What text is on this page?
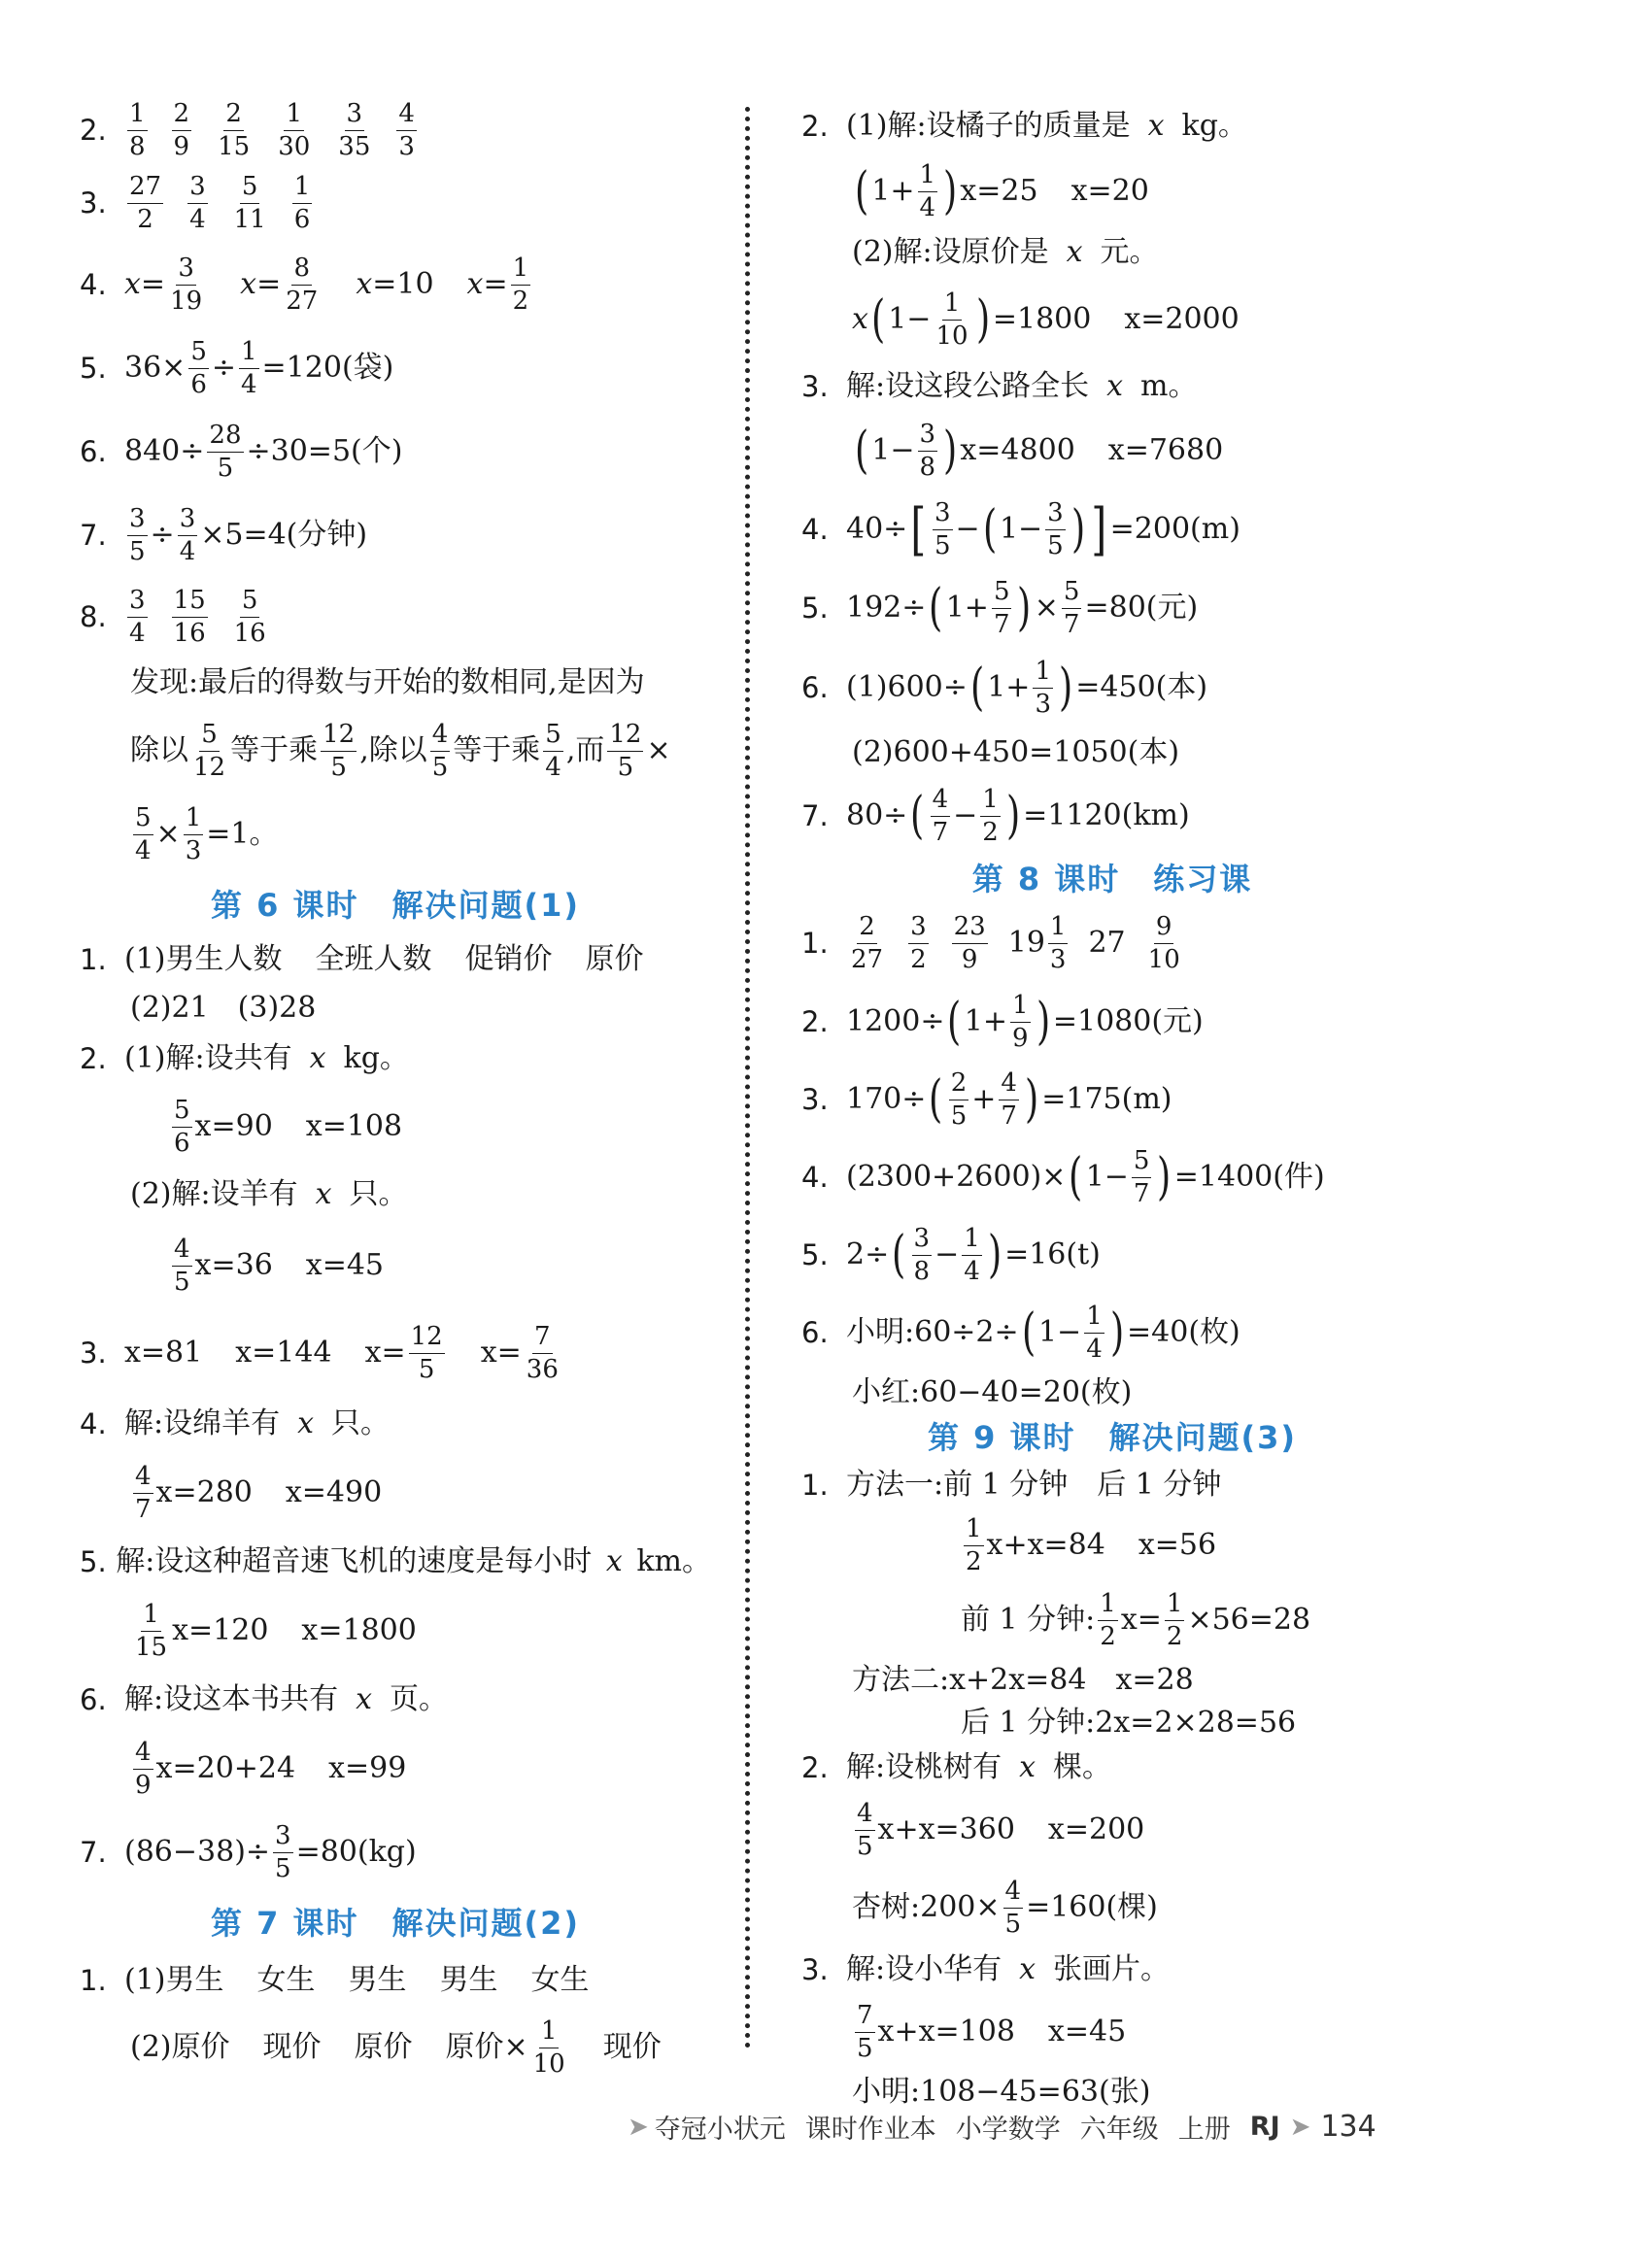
2. $\frac{1}{8} \frac{2}{9} \frac{2}{15} \frac{1}{30} \frac{3}{35} \frac{4}{3}$
3. $\frac{27}{2} \frac{3}{4} \frac{5}{11} \frac{1}{6}$
4. $x = \frac{3}{19}$ $x = \frac{8}{27}$ x =10 $x = \frac{1}{2}$
5. $36\times \frac{5}{6} \div \frac{1}{4} =120$(袋)
6. $840\div \frac{28}{5} \div 30=5$(个)
7. $\frac{3}{5} \div \frac{3}{4} \times 5=4$(分钟)
8. $\frac{3}{4} \frac{15}{16} \frac{5}{16}$
发现:最后的得数与开始的数相同,是因为
除以 $\frac{5}{12}$ 等于乘 $\frac{12}{5}$ ,除以 $\frac{4}{5}$ 等于乘 $\frac{5}{4}$ ,而 $\frac{12}{5}$ ×
$\frac{5}{4} \times \frac{1}{3} =1$。
第 6 课时 解决问题(1)
1. (1)男生人数 全班人数 促销价 原价
(2)21　(3)28
2. (1)解:设共有 x kg。
$\frac{5}{6} x=90$ x=108
(2)解:设羊有 x 只。
$\frac{4}{5} x=36$ x=45
3. x=81 x=144 $x= \frac{12}{5} x= \frac{7}{36}$
4. 解:设绵羊有 x 只。
$\frac{4}{7} x=280$ x=490
5. 解:设这种超音速飞机的速度是每小时 x km。
$\frac{1}{15} x=120$ x=1800
6. 解:设这本书共有 x 页。
$\frac{4}{9} x=20+24$ x=99
7. $(86-38)\div \frac{3}{5} =80(kg)$
第 7 课时 解决问题(2)
1. (1)男生 女生 男生 男生 女生
(2)原价 现价 原价 原价× $\frac{1}{10}$ 现价
2. (1)解:设橘子的质量是 x kg。
( $1+ \frac{1}{4}$ ) x=25 x=20
(2)解:设原价是 x 元。
x ( $1- \frac{1}{10}$ ) =1800 x=2000
3. 解:设这段公路全长 x m。
( $1- \frac{3}{8}$ ) x=4800 x=7680
4. 40÷ [ $\frac{3}{5}$ − ( $1- \frac{3}{5}$ ) ] =200(m)
5. 192÷ ( $1+ \frac{5}{7}$ ) × $\frac{5}{7} =80$(元)
6. (1)600÷ ( $1+ \frac{1}{3}$ ) =450(本)
(2)600+450=1050(本)
7. 80÷ ( $\frac{4}{7} - \frac{1}{2}$ ) =1120(km)
第 8 课时 练习课
1. $\frac{2}{27} \frac{3}{2} \frac{23}{9} 19 \frac{1}{3} 27 \frac{9}{10}$
2. 1200÷ ( $1+ \frac{1}{9}$ ) =1080(元)
3. 170÷ ( $\frac{2}{5} + \frac{4}{7}$ ) =175(m)
4. (2300+2600)× ( $1- \frac{5}{7}$ ) =1400(件)
5. 2÷ ( $\frac{3}{8} - \frac{1}{4}$ ) =16(t)
6. 小明:60÷2÷ ( $1- \frac{1}{4}$ ) =40(枚)
小红:60−40=20(枚)
第 9 课时 解决问题(3)
1. 方法一:前 1 分钟　后 1 分钟
$\frac{1}{2} x+x=84$ x=56
前 1 分钟: $\frac{1}{2} x= \frac{1}{2} \times 56=28$
方法二:x+2x=84　x=28
后 1 分钟:2x=2×28=56
2. 解:设桃树有 x 棵。
$\frac{4}{5} x+x=360$ x=200
杏树:200× $\frac{4}{5} =160$(棵)
3. 解:设小华有 x 张画片。
$\frac{7}{5} x+x=108$ x=45
小明:108−45=63(张)
➤ 夺冠小状元 课时作业本 小学数学 六年级 上册 RJ ➤ 134
